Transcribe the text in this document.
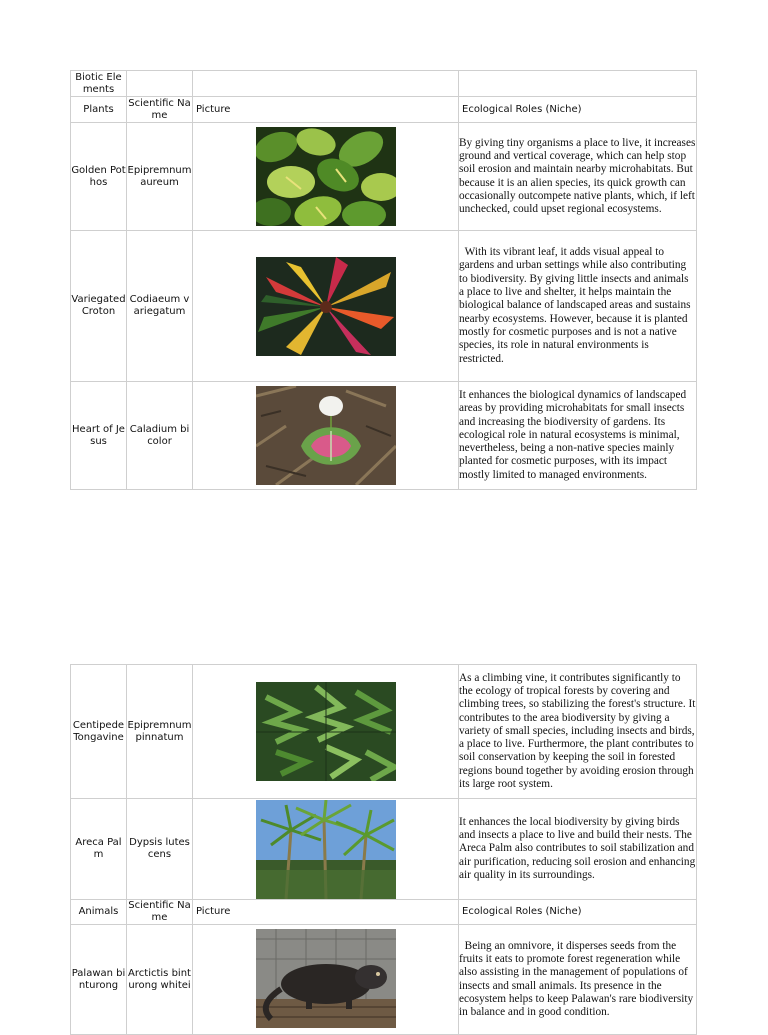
Biotic Elements			
Plants	Scientific Name	Picture	Ecological Roles (Niche)
Golden Pothos	Epipremnum aureum		By giving tiny organisms a place to live, it increases ground and vertical coverage, which can help stop soil erosion and maintain nearby microhabitats. But because it is an alien species, its quick growth can occasionally outcompete native plants, which, if left unchecked, could upset regional ecosystems.
Variegated Croton	Codiaeum variegatum		With its vibrant leaf, it adds visual appeal to gardens and urban settings while also contributing to biodiversity. By giving little insects and animals a place to live and shelter, it helps maintain the biological balance of landscaped areas and sustains nearby ecosystems. However, because it is planted mostly for cosmetic purposes and is not a native species, its role in natural environments is restricted.
Heart of Jesus	Caladium bicolor		It enhances the biological dynamics of landscaped areas by providing microhabitats for small insects and increasing the biodiversity of gardens. Its ecological role in natural ecosystems is minimal, nevertheless, being a non-native species mainly planted for cosmetic purposes, with its impact mostly limited to managed environments.
Centipede Tongavine	Epipremnum pinnatum		As a climbing vine, it contributes significantly to the ecology of tropical forests by covering and climbing trees, so stabilizing the forest's structure. It contributes to the area biodiversity by giving a variety of small species, including insects and birds, a place to live. Furthermore, the plant contributes to soil conservation by keeping the soil in forested regions bound together by avoiding erosion through its large root system.
Areca Palm	Dypsis lutescens		It enhances the local biodiversity by giving birds and insects a place to live and build their nests. The Areca Palm also contributes to soil stabilization and air purification, reducing soil erosion and enhancing air quality in its surroundings.
Animals	Scientific Name	Picture	Ecological Roles (Niche)
Palawan binturong	Arctictis binturong whitei		Being an omnivore, it disperses seeds from the fruits it eats to promote forest regeneration while also assisting in the management of populations of insects and small animals. Its presence in the ecosystem helps to keep Palawan's rare biodiversity in balance and in good condition.
